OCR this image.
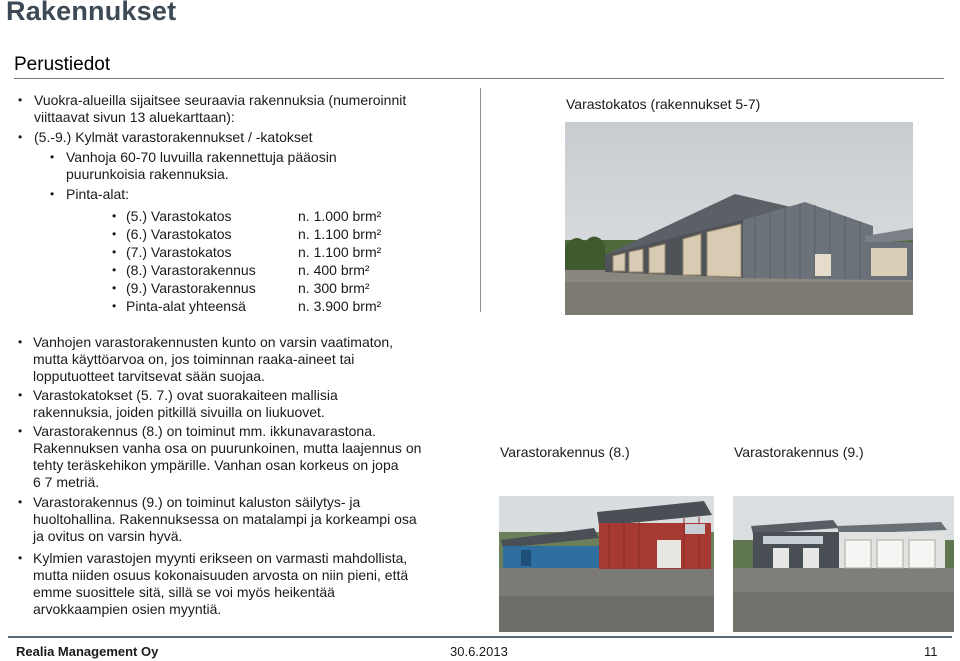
Rakennukset
Perustiedot
• Vuokra-alueilla sijaitsee seuraavia rakennuksia (numeroinnit
viittaavat sivun 13 aluekarttaan):
• (5.-9.) Kylmät varastorakennukset / -katokset
• Vanhoja 60-70 luvuilla rakennettuja pääosin
puurunkoisia rakennuksia.
• Pinta-alat:
• (5.) Varastokatos	n. 1.000 brm²
• (6.) Varastokatos	n. 1.100 brm²
• (7.) Varastokatos	n. 1.100 brm²
• (8.) Varastorakennus	n. 400 brm²
• (9.) Varastorakennus	n. 300 brm²
• Pinta-alat yhteensä	n. 3.900 brm²
• Vanhojen varastorakennusten kunto on varsin vaatimaton,
mutta käyttöarvoa on, jos toiminnan raaka-aineet tai
lopputuotteet tarvitsevat sään suojaa.
• Varastokatokset (5. 7.) ovat suorakaiteen mallisia
rakennuksia, joiden pitkillä sivuilla on liukuovet.
• Varastorakennus (8.) on toiminut mm. ikkunavarastona.
Rakennuksen vanha osa on puurunkoinen, mutta laajennus on
tehty teräskehikon ympärille. Vanhan osan korkeus on jopa
6 7 metriä.
• Varastorakennus (9.) on toiminut kaluston säilytys- ja
huoltohallina. Rakennuksessa on matalampi ja korkeampi osa
ja ovitus on varsin hyvä.
• Kylmien varastojen myynti erikseen on varmasti mahdollista,
mutta niiden osuus kokonaisuuden arvosta on niin pieni, että
emme suosittele sitä, sillä se voi myös heikentää
arvokkaampien osien myyntiä.
Varastokatos (rakennukset 5-7)
Varastorakennus (8.)	Varastorakennus (9.)
Realia Management Oy	30.6.2013	11
